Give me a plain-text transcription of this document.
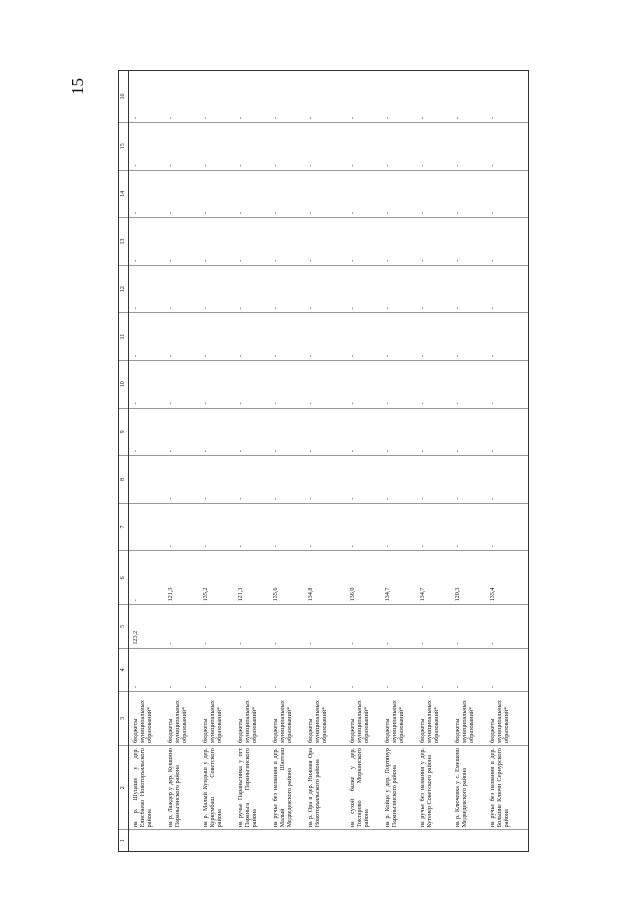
15
1	2	3	4	5	6	7	8	9	10	11	12	13	14	15	16
	на р. Шуцаше у дер. Елисбаево Новоторъяльского района	бюджеты муниципальных образований*	-	123,2	-			-	-	-	-	-	-	-	-
	на р. Лаждер у дер. Кувшино Параньгинского района	бюджеты муниципальных образований*	-	-	121,3	-	-	-	-	-	-	-	-	-	-
	на р. Малый Кундыш у дер. Куркумбаш Советского района	бюджеты муниципальных образований*	-	-	135,2	-	-	-	-	-	-	-	-	-	-
	на ручье Параньгинка у пгт Параньга Параньгинского района	бюджеты муниципальных образований*	-	-	121,3	-	-	-	-	-	-	-	-	-	-
	на ручье без названия в дер. Малый Шапташ Медведевского района	бюджеты муниципальных образований*	-	-	135,6	-	-	-	-	-	-	-	-	-	-
	на р. Ора в дер. Нижняя Ора Новоторъяльского района	бюджеты муниципальных образований*	-	-	134,8	-	-	-	-	-	-	-	-	-	-
	на сухой балке у дер. Токтарово Моркинского района	бюджеты муниципальных образований*	-	-	136,0	-	-	-	-	-	-	-	-	-	-
	на р. Койца у дер. Портянур Параньгинского района	бюджеты муниципальных образований*	-	-	134,7	-	-	-	-	-	-	-	-	-	-
	на ручье без названия у дер. Кутенер Советского района	бюджеты муниципальных образований*	-	-	134,7	-	-	-	-	-	-	-	-	-	-
	на р. Ключевка у с. Емешево Медведевского района	бюджеты муниципальных образований*	-	-	120,3	-	-	-	-	-	-	-	-	-	-
	на ручье без названия в дер. Большие Ключи Сернурского района	бюджеты муниципальных образований*	-	-	135,4	-	-	-	-	-	-	-	-	-	-
